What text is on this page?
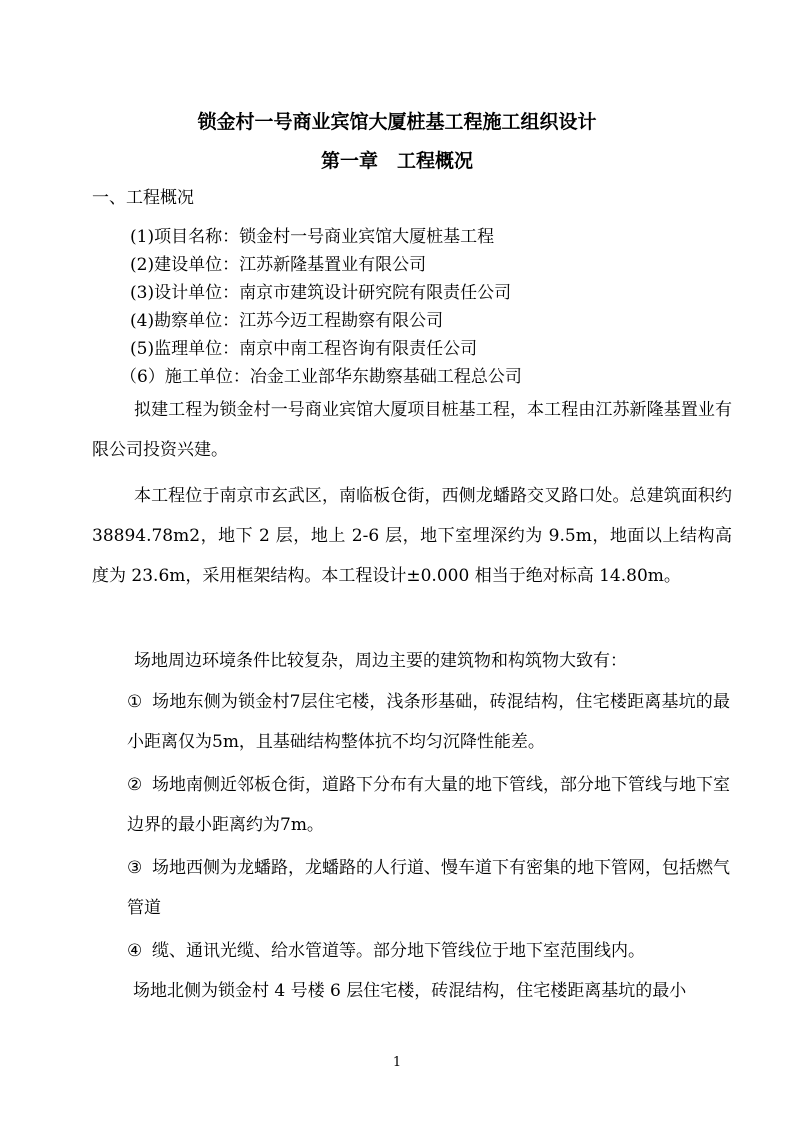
锁金村一号商业宾馆大厦桩基工程施工组织设计
第一章　工程概况
一、工程概况
(1)项目名称：锁金村一号商业宾馆大厦桩基工程
(2)建设单位：江苏新隆基置业有限公司
(3)设计单位：南京市建筑设计研究院有限责任公司
(4)勘察单位：江苏今迈工程勘察有限公司
(5)监理单位：南京中南工程咨询有限责任公司
（6）施工单位：冶金工业部华东勘察基础工程总公司
拟建工程为锁金村一号商业宾馆大厦项目桩基工程，本工程由江苏新隆基置业有限公司投资兴建。
本工程位于南京市玄武区，南临板仓街，西侧龙蟠路交叉路口处。总建筑面积约 38894.78m2，地下 2 层，地上 2-6 层，地下室埋深约为 9.5m，地面以上结构高度为 23.6m，采用框架结构。本工程设计±0.000 相当于绝对标高 14.80m。
场地周边环境条件比较复杂，周边主要的建筑物和构筑物大致有：
① 场地东侧为锁金村7层住宅楼，浅条形基础，砖混结构，住宅楼距离基坑的最小距离仅为5m，且基础结构整体抗不均匀沉降性能差。
② 场地南侧近邻板仓街，道路下分布有大量的地下管线，部分地下管线与地下室边界的最小距离约为7m。
③ 场地西侧为龙蟠路，龙蟠路的人行道、慢车道下有密集的地下管网，包括燃气管道
④ 缆、通讯光缆、给水管道等。部分地下管线位于地下室范围线内。
场地北侧为锁金村 4 号楼 6 层住宅楼，砖混结构，住宅楼距离基坑的最小
1
